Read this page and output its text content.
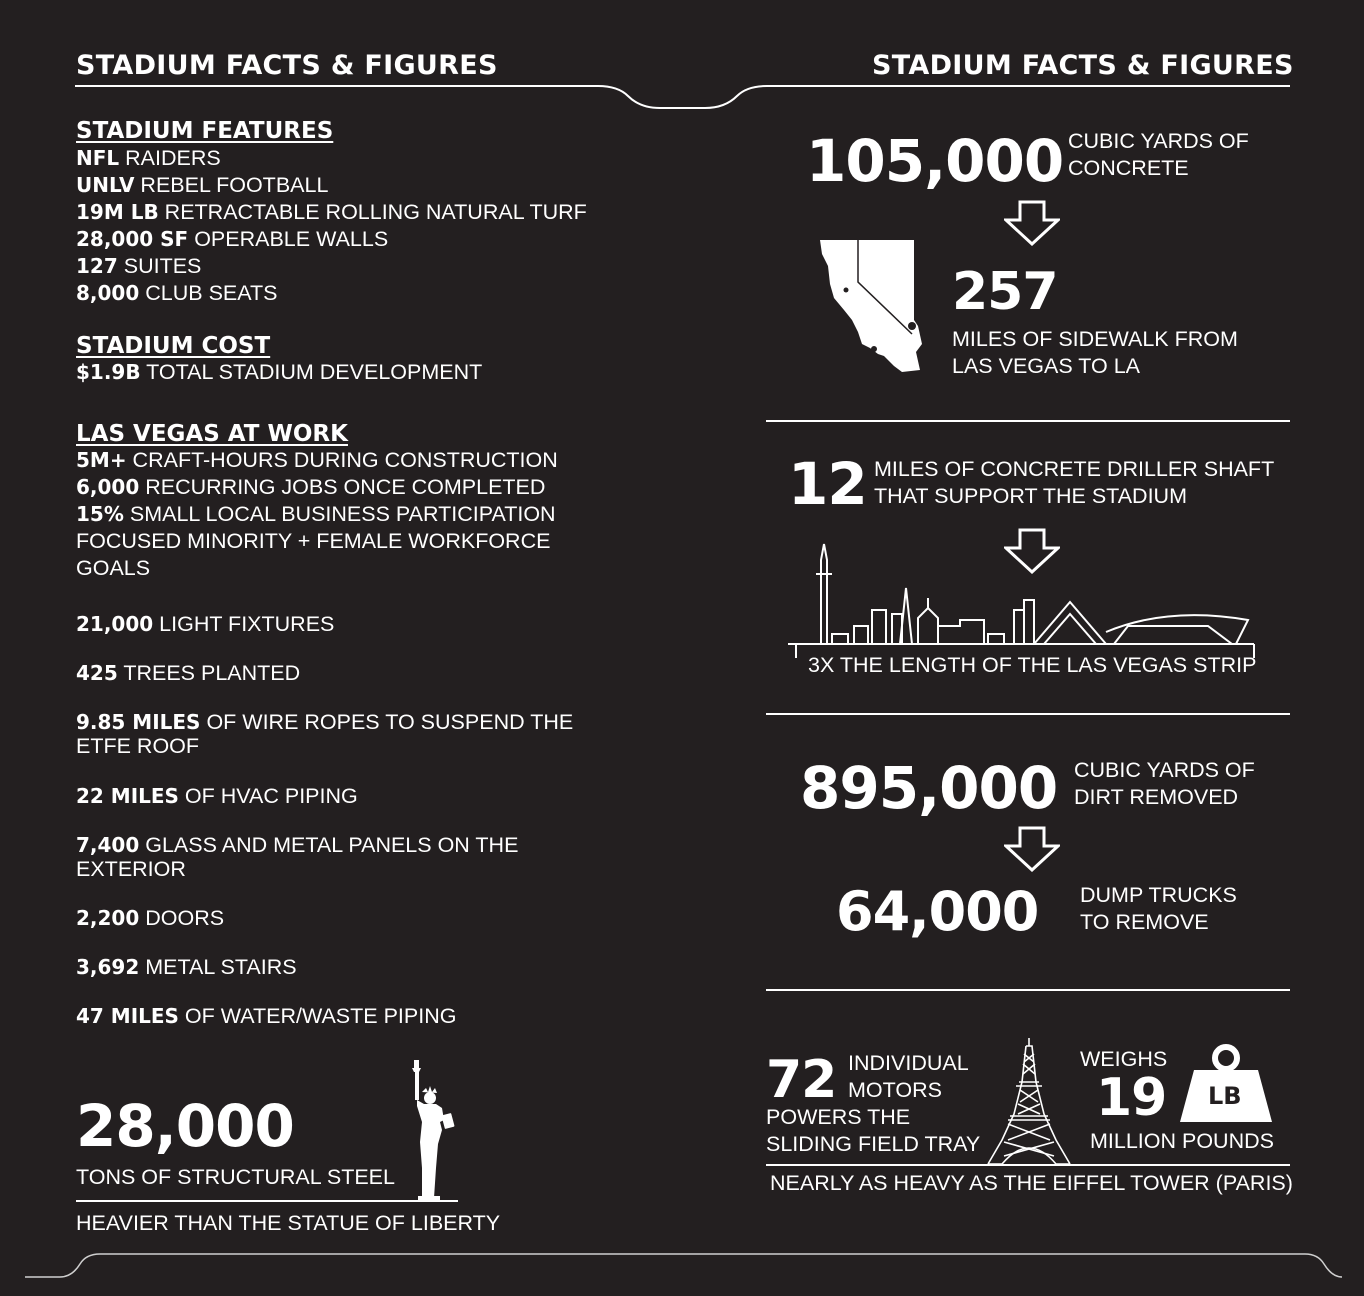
STADIUM FACTS & FIGURES
STADIUM FEATURES
NFL RAIDERS
UNLV REBEL FOOTBALL
19M LB RETRACTABLE ROLLING NATURAL TURF
28,000 SF OPERABLE WALLS
127 SUITES
8,000 CLUB SEATS
STADIUM COST
$1.9B TOTAL STADIUM DEVELOPMENT
LAS VEGAS AT WORK
5M+ CRAFT-HOURS DURING CONSTRUCTION
6,000 RECURRING JOBS ONCE COMPLETED
15% SMALL LOCAL BUSINESS PARTICIPATION
FOCUSED MINORITY + FEMALE WORKFORCE
GOALS
21,000 LIGHT FIXTURES
425 TREES PLANTED
9.85 MILES OF WIRE ROPES TO SUSPEND THE
ETFE ROOF
22 MILES OF HVAC PIPING
7,400 GLASS AND METAL PANELS ON THE
EXTERIOR
2,200 DOORS
3,692 METAL STAIRS
47 MILES OF WATER/WASTE PIPING
28,000
TONS OF STRUCTURAL STEEL
HEAVIER THAN THE STATUE OF LIBERTY
STADIUM FACTS & FIGURES
105,000 CUBIC YARDS OF
CONCRETE
257
MILES OF SIDEWALK FROM
LAS VEGAS TO LA
12 MILES OF CONCRETE DRILLER SHAFT
THAT SUPPORT THE STADIUM
3X THE LENGTH OF THE LAS VEGAS STRIP
895,000 CUBIC YARDS OF
DIRT REMOVED
64,000 DUMP TRUCKS
TO REMOVE
72 INDIVIDUAL
MOTORS
POWERS THE
SLIDING FIELD TRAY
WEIGHS
19 LB
MILLION POUNDS
NEARLY AS HEAVY AS THE EIFFEL TOWER (PARIS)
